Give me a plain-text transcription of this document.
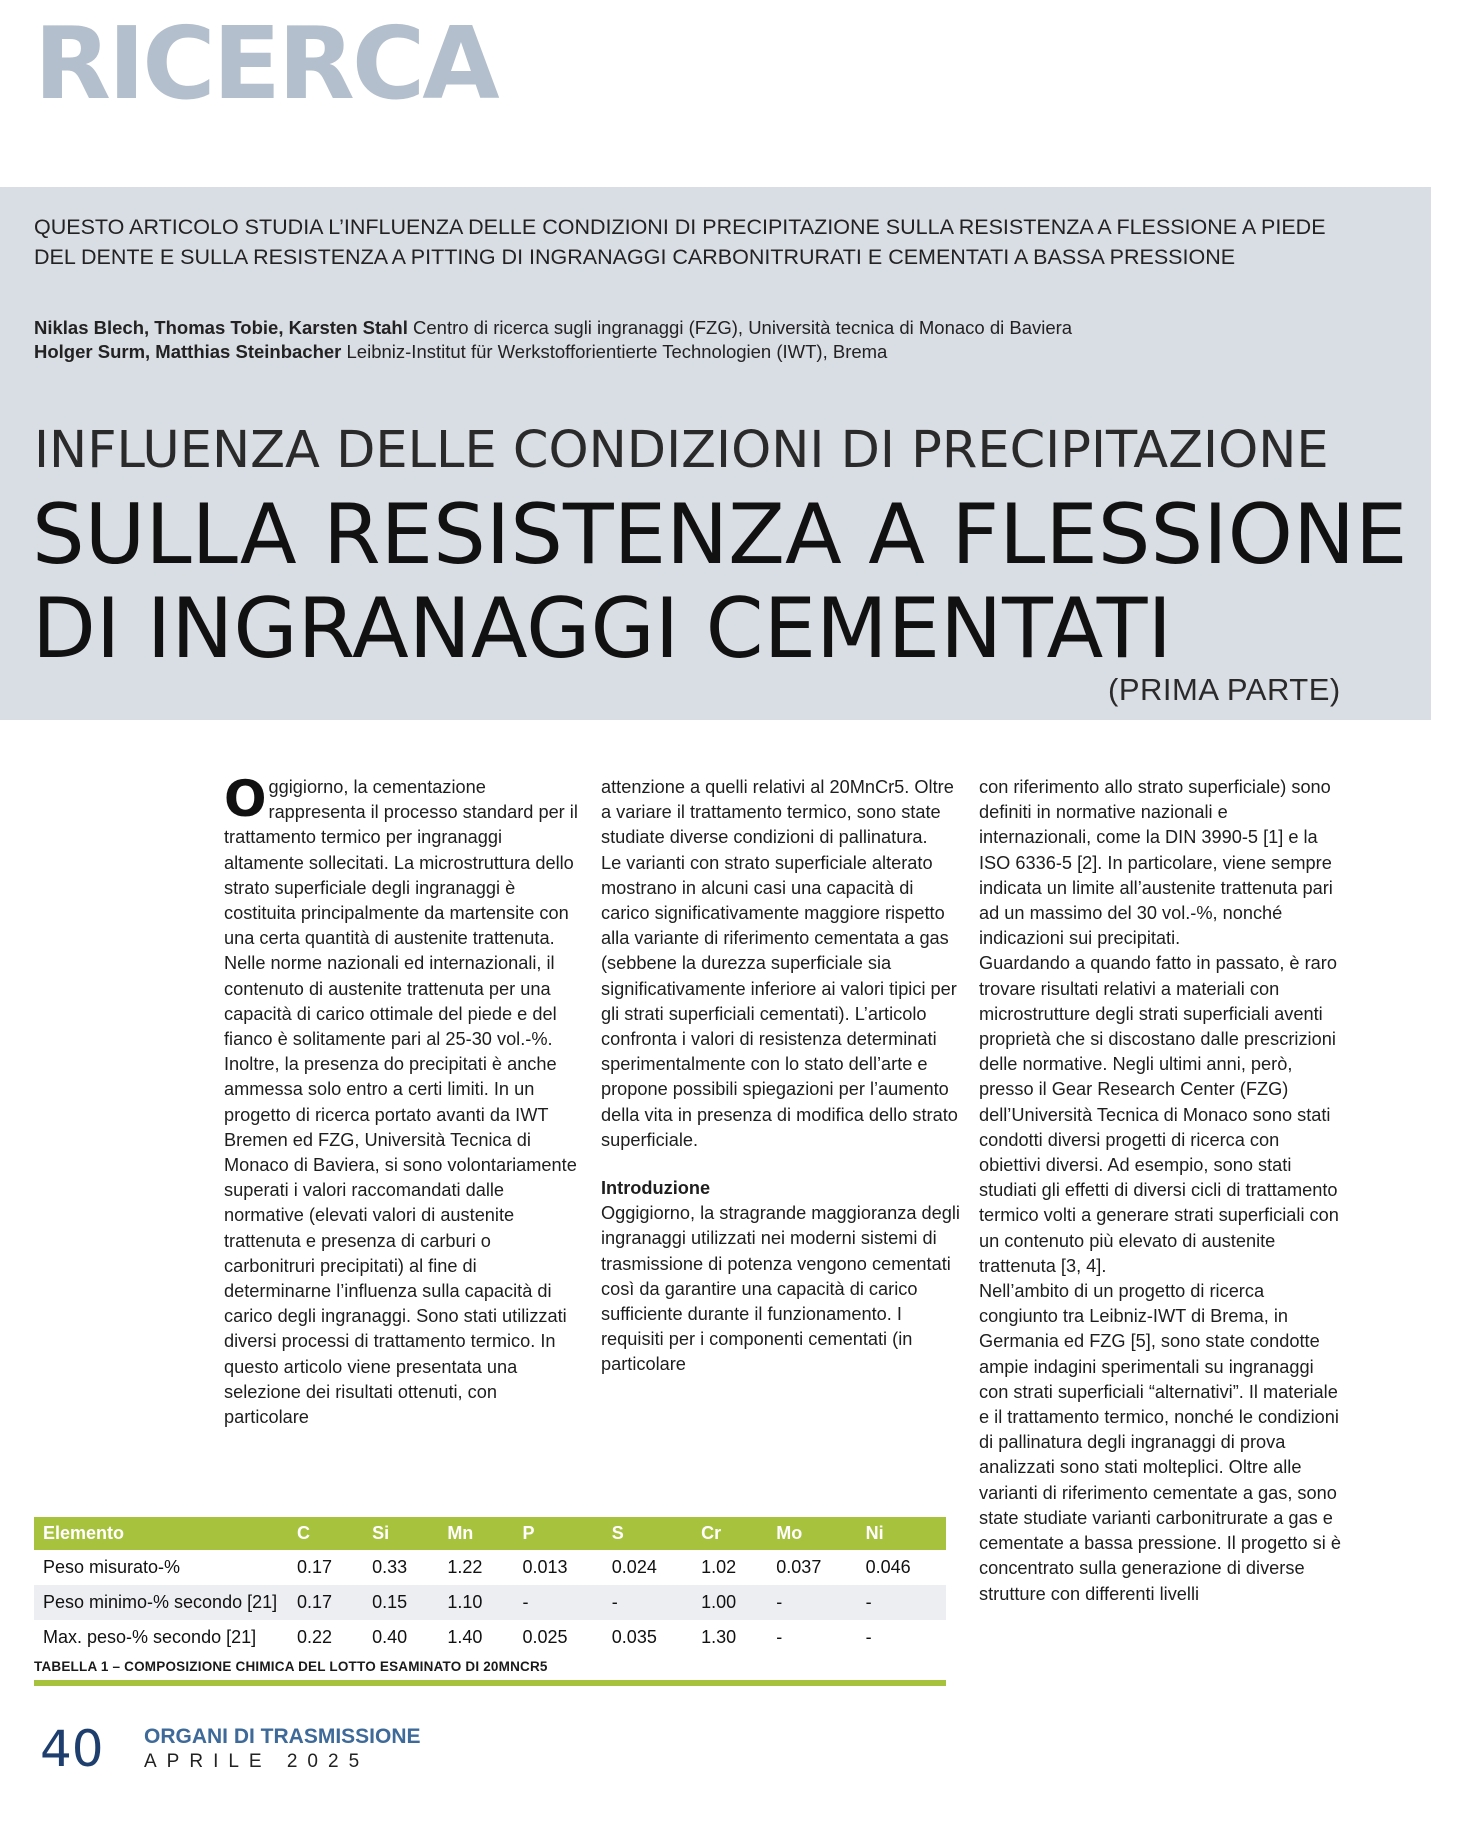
RICERCA

QUESTO ARTICOLO STUDIA L’INFLUENZA DELLE CONDIZIONI DI PRECIPITAZIONE SULLA RESISTENZA A FLESSIONE A PIEDE DEL DENTE E SULLA RESISTENZA A PITTING DI INGRANAGGI CARBONITRURATI E CEMENTATI A BASSA PRESSIONE

Niklas Blech, Thomas Tobie, Karsten Stahl Centro di ricerca sugli ingranaggi (FZG), Università tecnica di Monaco di Baviera
Holger Surm, Matthias Steinbacher Leibniz-Institut für Werkstofforientierte Technologien (IWT), Brema
INFLUENZA DELLE CONDIZIONI DI PRECIPITAZIONE
SULLA RESISTENZA A FLESSIONE
DI INGRANAGGI CEMENTATI

(PRIMA PARTE)

Oggigiorno, la cementazione rappresenta il processo standard per il trattamento termico per ingranaggi altamente sollecitati. La microstruttura dello strato superficiale degli ingranaggi è costituita principalmente da martensite con una certa quantità di austenite trattenuta. Nelle norme nazionali ed internazionali, il contenuto di austenite trattenuta per una capacità di carico ottimale del piede e del fianco è solitamente pari al 25-30 vol.-%. Inoltre, la presenza do precipitati è anche ammessa solo entro a certi limiti. In un progetto di ricerca portato avanti da IWT Bremen ed FZG, Università Tecnica di Monaco di Baviera, si sono volontariamente superati i valori raccomandati dalle normative (elevati valori di austenite trattenuta e presenza di carburi o carbonitruri precipitati) al fine di determinarne l’influenza sulla capacità di carico degli ingranaggi. Sono stati utilizzati diversi processi di trattamento termico. In questo articolo viene presentata una selezione dei risultati ottenuti, con particolare

attenzione a quelli relativi al 20MnCr5. Oltre a variare il trattamento termico, sono state studiate diverse condizioni di pallinatura.

Le varianti con strato superficiale alterato mostrano in alcuni casi una capacità di carico significativamente maggiore rispetto alla variante di riferimento cementata a gas (sebbene la durezza superficiale sia significativamente inferiore ai valori tipici per gli strati superficiali cementati). L’articolo confronta i valori di resistenza determinati sperimentalmente con lo stato dell’arte e propone possibili spiegazioni per l’aumento della vita in presenza di modifica dello strato superficiale.

Introduzione

Oggigiorno, la stragrande maggioranza degli ingranaggi utilizzati nei moderni sistemi di trasmissione di potenza vengono cementati così da garantire una capacità di carico sufficiente durante il funzionamento. I requisiti per i componenti cementati (in particolare

con riferimento allo strato superficiale) sono definiti in normative nazionali e internazionali, come la DIN 3990-5 [1] e la ISO 6336-5 [2]. In particolare, viene sempre indicata un limite all’austenite trattenuta pari ad un massimo del 30 vol.-%, nonché indicazioni sui precipitati.

Guardando a quando fatto in passato, è raro trovare risultati relativi a materiali con microstrutture degli strati superficiali aventi proprietà che si discostano dalle prescrizioni delle normative. Negli ultimi anni, però, presso il Gear Research Center (FZG) dell’Università Tecnica di Monaco sono stati condotti diversi progetti di ricerca con obiettivi diversi. Ad esempio, sono stati studiati gli effetti di diversi cicli di trattamento termico volti a generare strati superficiali con un contenuto più elevato di austenite trattenuta [3, 4].

Nell’ambito di un progetto di ricerca congiunto tra Leibniz-IWT di Brema, in Germania ed FZG [5], sono state condotte ampie indagini sperimentali su ingranaggi con strati superficiali “alternativi”. Il materiale e il trattamento termico, nonché le condizioni di pallinatura degli ingranaggi di prova analizzati sono stati molteplici. Oltre alle varianti di riferimento cementate a gas, sono state studiate varianti carbonitrurate a gas e cementate a bassa pressione. Il progetto si è concentrato sulla generazione di diverse strutture con differenti livelli

Elemento	C	Si	Mn	P	S	Cr	Mo	Ni
Peso misurato-%	0.17	0.33	1.22	0.013	0.024	1.02	0.037	0.046
Peso minimo-% secondo [21]	0.17	0.15	1.10	-	-	1.00	-	-
Max. peso-% secondo [21]	0.22	0.40	1.40	0.025	0.035	1.30	-	-

TABELLA 1 – COMPOSIZIONE CHIMICA DEL LOTTO ESAMINATO DI 20MNCR5

40 ORGANI DI TRASMISSIONE

APRILE 2025
